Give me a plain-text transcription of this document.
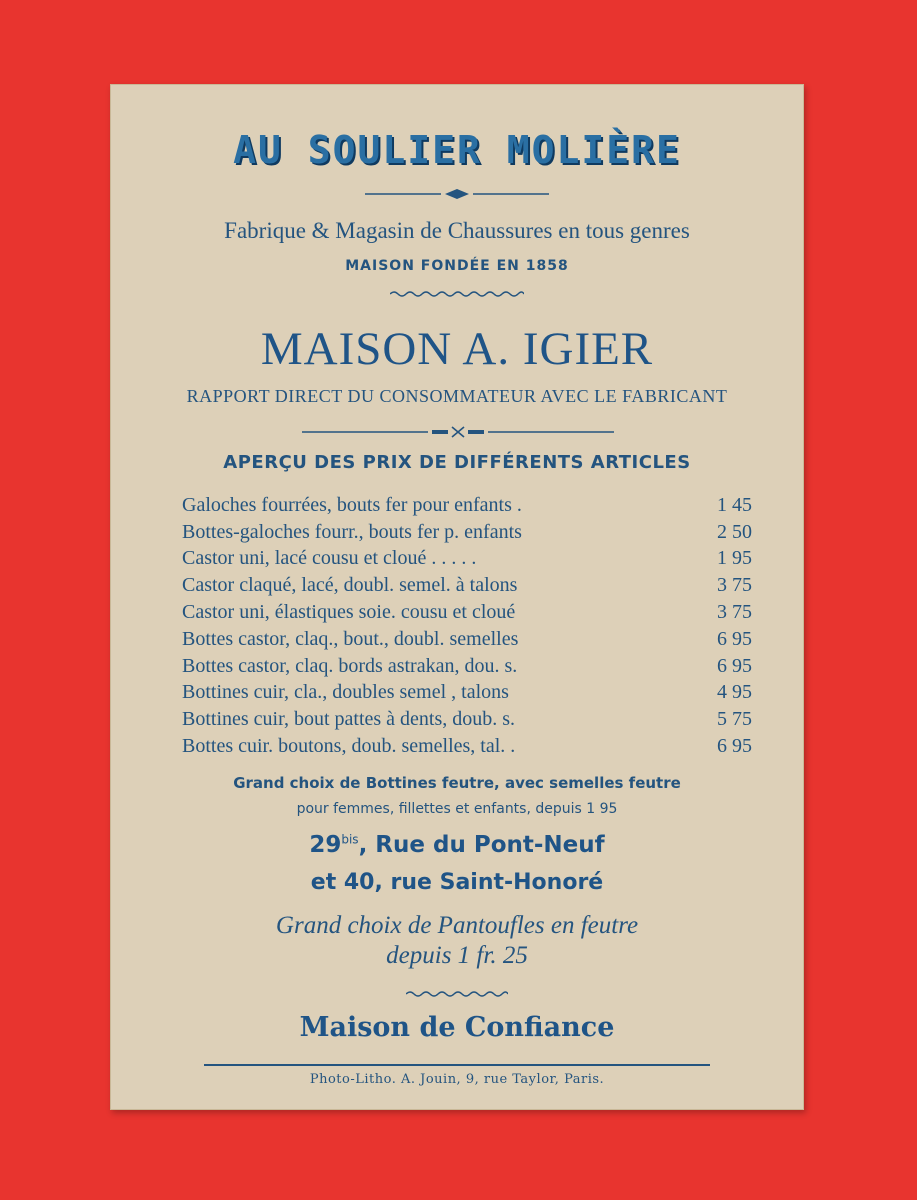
AU SOULIER MOLIÈRE
Fabrique & Magasin de Chaussures en tous genres
MAISON FONDÉE EN 1858
MAISON A. IGIER
RAPPORT DIRECT DU CONSOMMATEUR AVEC LE FABRICANT
APERÇU DES PRIX DE DIFFÉRENTS ARTICLES
Galoches fourrées, bouts fer pour enfants .	1 45
Bottes-galoches fourr., bouts fer p. enfants	2 50
Castor uni, lacé cousu et cloué . . . . .	1 95
Castor claqué, lacé, doubl. semel. à talons	3 75
Castor uni, élastiques soie. cousu et cloué	3 75
Bottes castor, claq., bout., doubl. semelles	6 95
Bottes castor, claq. bords astrakan, dou. s.	6 95
Bottines cuir, cla., doubles semel , talons	4 95
Bottines cuir, bout pattes à dents, doub. s.	5 75
Bottes cuir. boutons, doub. semelles, tal. .	6 95
Grand choix de Bottines feutre, avec semelles feutre
pour femmes, fillettes et enfants, depuis 1 95
$29^{bis}$, Rue du Pont-Neuf
et 40, rue Saint-Honoré
Grand choix de Pantoufles en feutre
depuis 1 fr. 25
Maison de Confiance
Photo-Litho. A. Jouin, 9, rue Taylor, Paris.
